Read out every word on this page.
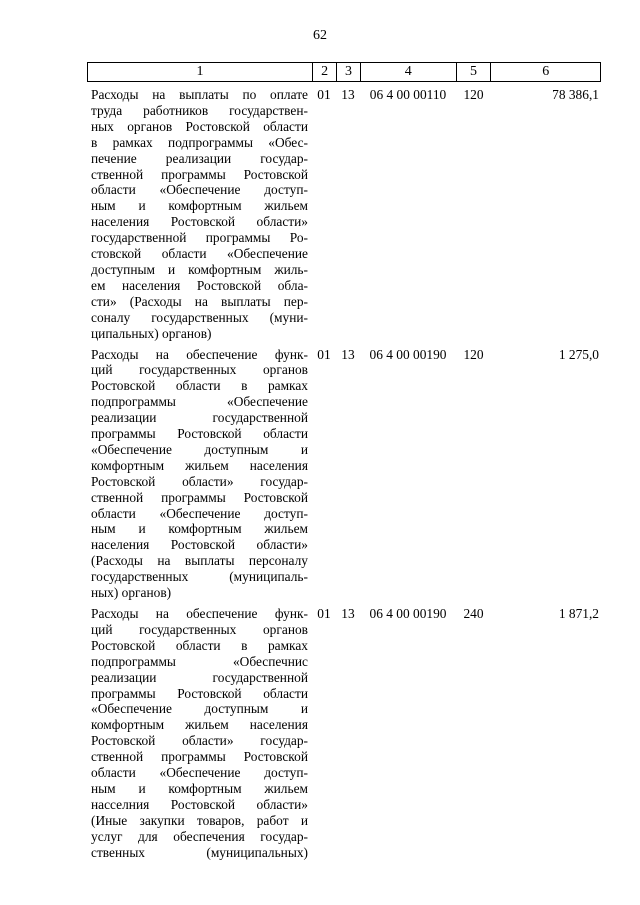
62
1	2	3	4	5	6
Расходы на выплаты по оплате
труда работников государствен-
ных органов Ростовской области
в рамках подпрограммы «Обес-
печение реализации государ-
ственной программы Ростовской
области «Обеспечение доступ-
ным и комфортным жильем
населения Ростовской области»
государственной программы Ро-
стовской области «Обеспечение
доступным и комфортным жиль-
ем населения Ростовской обла-
сти» (Расходы на выплаты пер-
соналу государственных (муни-
ципальных) органов)
01 13	06 4 00 00110	120	78 386,1
Расходы на обеспечение функ-
ций государственных органов
Ростовской области в рамках
подпрограммы «Обеспечение
реализации государственной
программы Ростовской области
«Обеспечение доступным и
комфортным жильем населения
Ростовской области» государ-
ственной программы Ростовской
области «Обеспечение доступ-
ным и комфортным жильем
населения Ростовской области»
(Расходы на выплаты персоналу
государственных (муниципаль-
ных) органов)
01 13	06 4 00 00190	120	1 275,0
Расходы на обеспечение функ-
ций государственных органов
Ростовской области в рамках
подпрограммы «Обеспечнис
реализации государственной
программы Ростовской области
«Обеспечение доступным и
комфортным жильем населения
Ростовской области» государ-
ственной программы Ростовской
области «Обеспечение доступ-
ным и комфортным жильем
насселния Ростовской области»
(Иные закупки товаров, работ и
услуг для обеспечения государ-
ственных (муниципальных)
01 13	06 4 00 00190	240	1 871,2
